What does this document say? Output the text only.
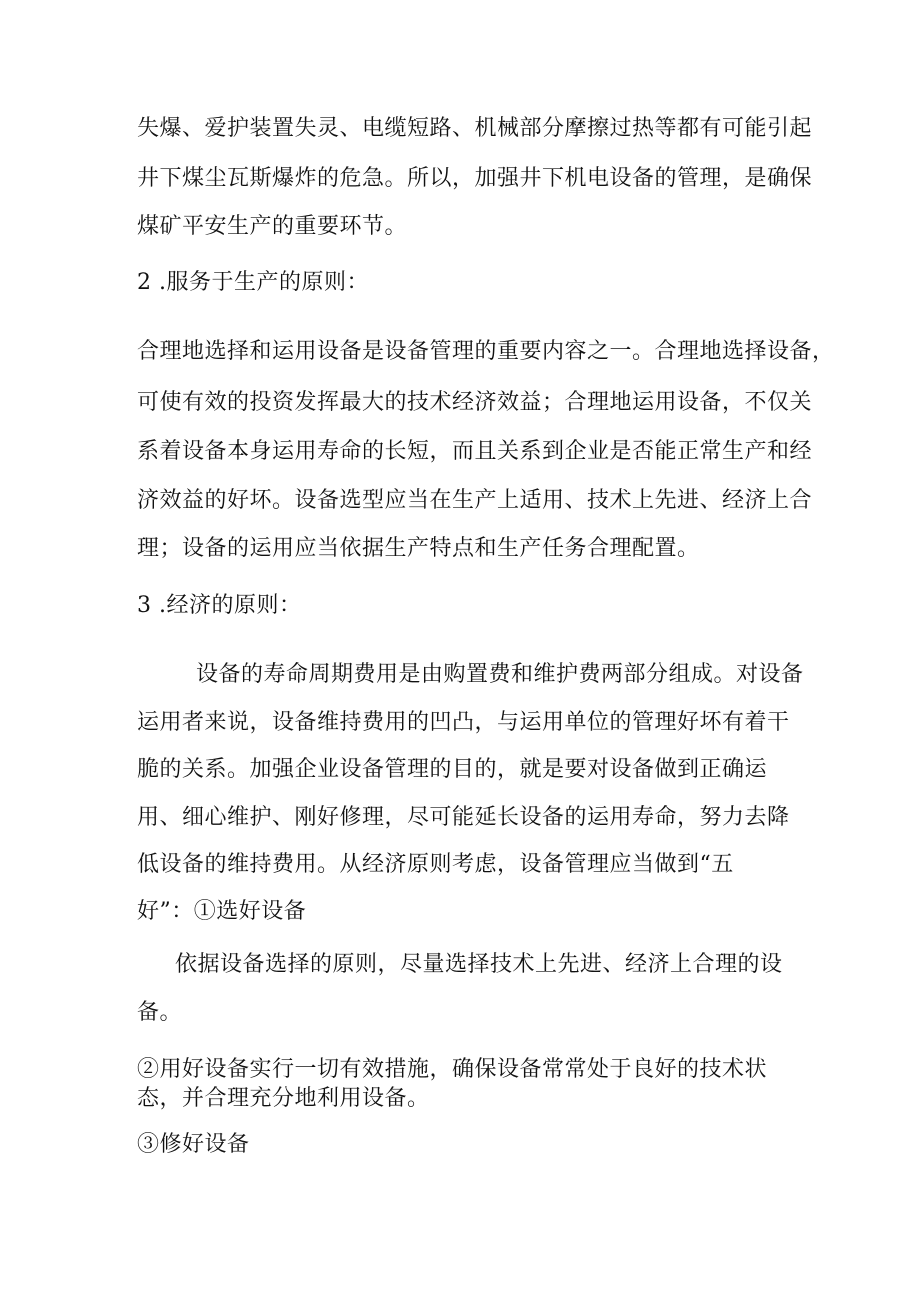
失爆、爱护装置失灵、电缆短路、机械部分摩擦过热等都有可能引起
井下煤尘瓦斯爆炸的危急。所以，加强井下机电设备的管理，是确保
煤矿平安生产的重要环节。
2 .服务于生产的原则：
合理地选择和运用设备是设备管理的重要内容之一。合理地选择设备，
可使有效的投资发挥最大的技术经济效益；合理地运用设备，不仅关
系着设备本身运用寿命的长短，而且关系到企业是否能正常生产和经
济效益的好坏。设备选型应当在生产上适用、技术上先进、经济上合
理；设备的运用应当依据生产特点和生产任务合理配置。
3 .经济的原则：
设备的寿命周期费用是由购置费和维护费两部分组成。对设备
运用者来说，设备维持费用的凹凸，与运用单位的管理好坏有着干
脆的关系。加强企业设备管理的目的，就是要对设备做到正确运
用、细心维护、刚好修理，尽可能延长设备的运用寿命，努力去降
低设备的维持费用。从经济原则考虑，设备管理应当做到“五
好”：①选好设备
依据设备选择的原则，尽量选择技术上先进、经济上合理的设
备。
②用好设备实行一切有效措施，确保设备常常处于良好的技术状
态，并合理充分地利用设备。
③修好设备
